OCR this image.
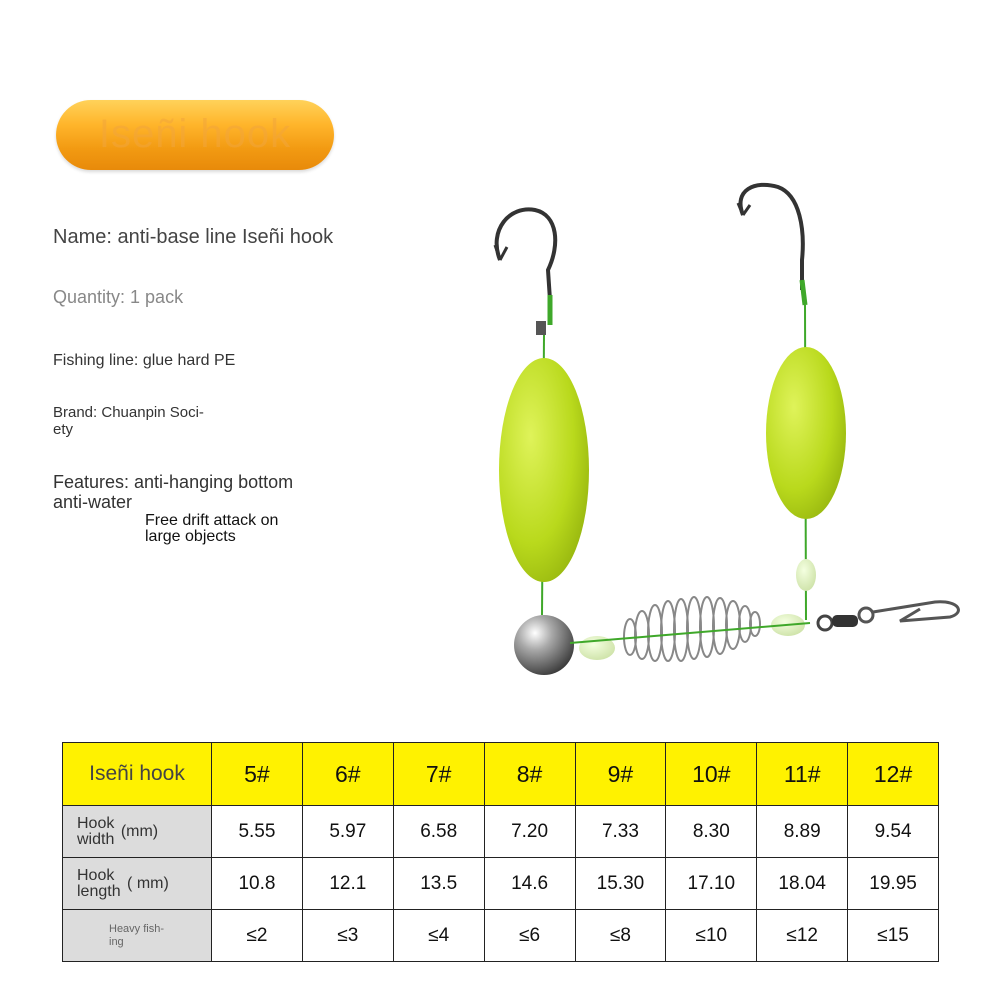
Iseñi hook

Name: anti-base line Iseñi hook

Quantity: 1 pack

Fishing line: glue hard PE

Brand: Chuanpin Soci-
ety

Features: anti-hanging bottom
anti-water

Free drift attack on
large objects

Iseñi hook	5#	6#	7#	8#	9#	10#	11#	12#
Hook
width (mm)	5.55	5.97	6.58	7.20	7.33	8.30	8.89	9.54
Hook
length ( mm)	10.8	12.1	13.5	14.6	15.30	17.10	18.04	19.95
Heavy fish-
ing	≤2	≤3	≤4	≤6	≤8	≤10	≤12	≤15
